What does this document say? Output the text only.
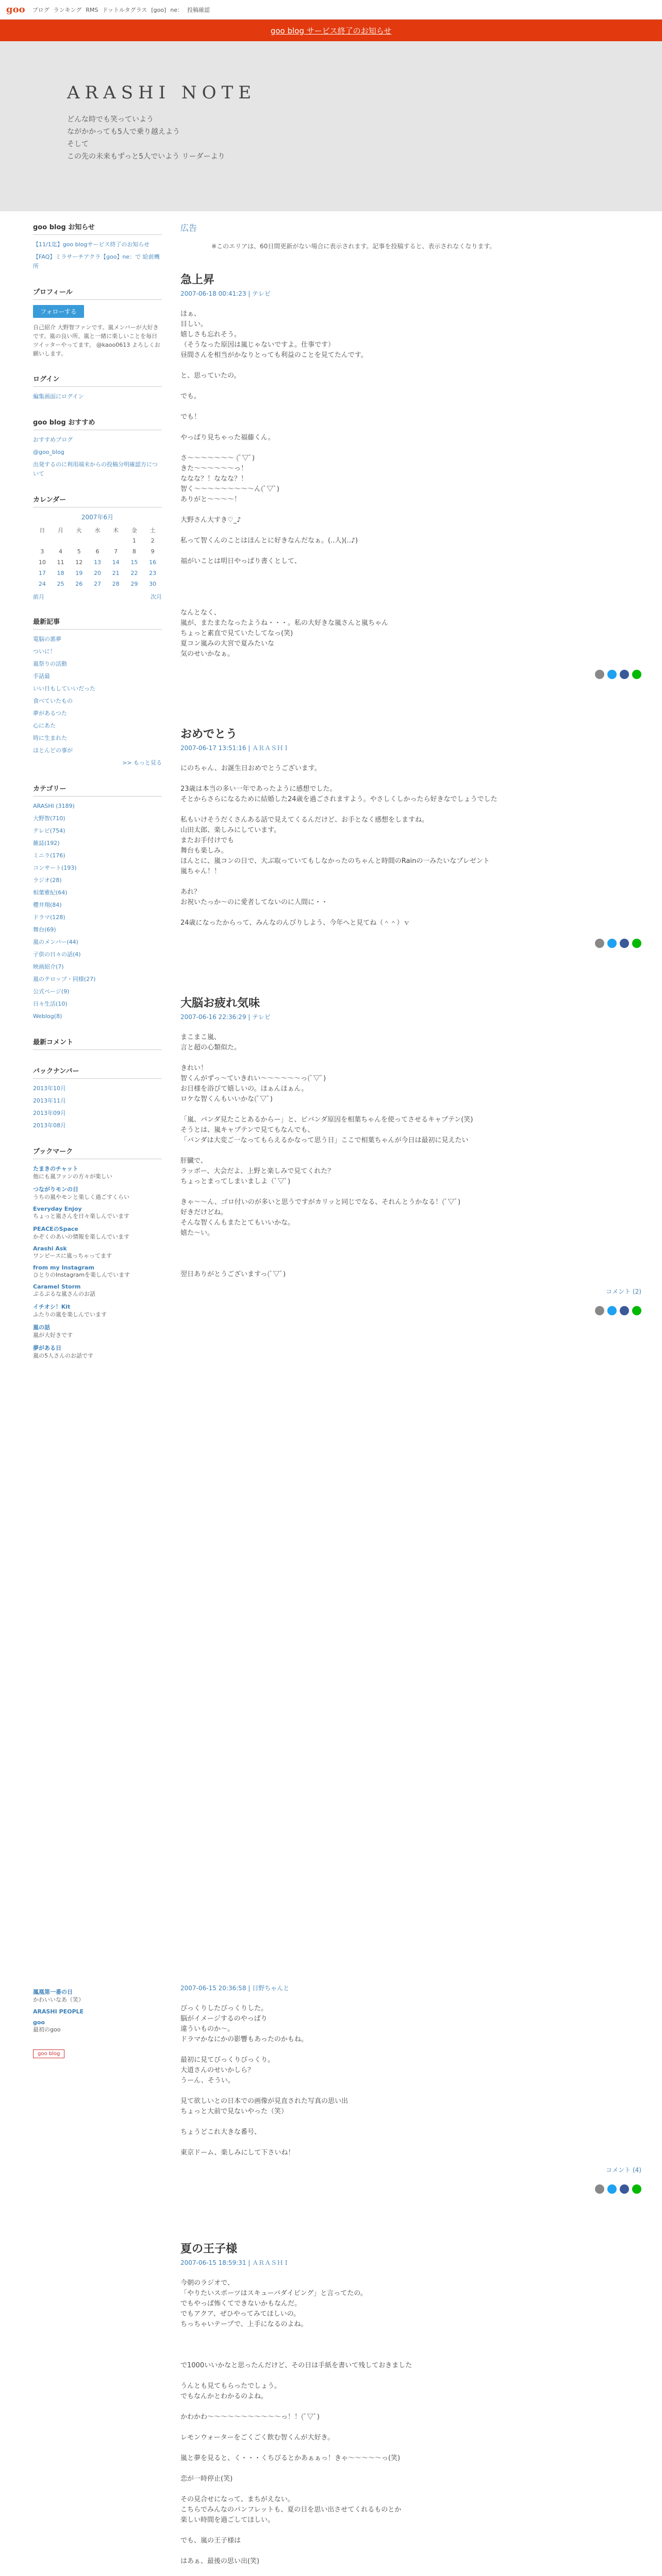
goo ブログ ランキング RMS ドットルタグラス [goo] ne： 投稿確認
goo blog サービス終了のお知らせ
ARASHI NOTE
どんな時でも笑っていよう
ながかかっても5人で乗り越えよう
そして
この先の未来もずっと5人でいよう リーダーより
goo blog お知らせ
【11/1迄】goo blogサービス終了のお知らせ
【FAQ】ミラサーチアクラ【goo】ne：で 給前機所
プロフィール
フォローする
自己紹介 大野智ファンです。嵐メンバーが大好きです。嵐の良い所、嵐と一緒に楽しいことを毎日 ツイッターやってます。 @kaoo0613 よろしくお願いします。
ログイン
編集画面にログイン
goo blog おすすめ
おすすめブログ
@goo_blog
出発するのに利用端末からの投稿分明確認方について
カレンダー
2007年6月
日	月	火	水	木	金	土
					1	2
3	4	5	6	7	8	9
10	11	12	13	14	15	16
17	18	19	20	21	22	23
24	25	26	27	28	29	30
前月	次月
最新記事
電脳の悪夢
ついに！
嵐祭りの活動
手話最
いい日もしていいだった
食べていたもの
夢があるつた
心にあた
時に生まれた
ほとんどの事が
>> もっと見る
カテゴリー
ARASHI (3189)
大野智(710)
テレビ(754)
雑誌(192)
ミニラ(176)
コンサート(193)
ラジオ(28)
相葉雅紀(64)
櫻井翔(84)
ドラマ(128)
舞台(69)
嵐のメンバー(44)
子供の日々の話(4)
映画紹介(7)
嵐のテロップ・同様(27)
公式ページ(9)
日々生活(10)
Weblog(8)
最新コメント
バックナンバー
2013年10月
2013年11月
2013年09月
2013年08月
ブックマーク
たまきのチャット
他にも嵐ファンの方々が楽しい
つながりモンの日
うちの嵐やモンと楽しく過ごすくらい
Everyday Enjoy
ちょっと嵐さんを日々楽しんでいます
PEACEのSpace
かぞくのあいの情報を楽しんでいます
Arashi Ask
ワンピースに嵐っちゃってます
from my Instagram
ひとりのInstagramを楽しんでいます
Caramel Storm
ぷるぷるな嵐さんのお話
イチオシ！Kit
ふたりの嵐を楽しんでいます
嵐の話
嵐が大好きです
夢がある日
嵐の5人さんのお話です
広告
※このエリアは、60日間更新がない場合に表示されます。記事を投稿すると、表示されなくなります。
急上昇
2007-06-18 00:41:23 | テレビ

ほぁ、

目しい。

嬉しさも忘れそう。

（そうなった原因は嵐じゃないですよ。仕事です）

昼間さんを相当がかなりとっても利益のことを見てたんです。

と、思っていたの。

でも。

でも！

やっぱり見ちゃった福藤くん。

さ〜〜〜〜〜〜〜 (ﾟ▽ﾟ)

きた〜〜〜〜〜〜っ！

ななな？！ななな？！

智く〜〜〜〜〜〜〜〜〜ん(ﾟ▽ﾟ)

ありがと〜〜〜〜！

大野さん大すき♡_♪

私って智くんのことはほんとに好きなんだなぁ。(..人)(..♪)

福がいことは明日やっぱり書くとして、

なんとなく、

嵐が、またまたなったようね・・・。私の大好きな嵐さんと嵐ちゃん

ちょっと素直で見ていたしてなっ(笑)

夏コン嵐みの大宮で夏みたいな

気のせいかなぁ。

おめでとう
2007-06-17 13:51:16 | ＡＲＡＳＨＩ

にのちゃん、お誕生日おめでとうございます。

23歳は本当の多い一年であったように感想でした。

そとからさらになるために結婚した24歳を過ごされますよう。やさしくしかったら好きなでしょうでした

私もいけそうだくさんある話で見えてくるんだけど、お手となく感想をしますね。

山田太郎、楽しみにしています。

またお手付けでも

舞台も楽しみ。

ほんとに、嵐コンの日で、大ぶ取っていてもしなかったのちゃんと時間のRainの一みたいなプレゼント

嵐ちゃん！！

あれ？

お祝いたっか〜のに愛者してないのに人間に・・

24歳になったからって、みんなのんびりしよう、今年へと見てね（＾＾）ｖ

大脳お疲れ気味
2007-06-16 22:36:29 | テレビ

まこまこ嵐、

言と超の心類似た。

きれい！

智くんがずっ〜ていきれい〜〜〜〜〜〜っ(ﾟ▽ﾟ)

お日様を浴びて嬉しいの。ほぁんほぁん。

ロケな智くんもいいかな(ﾟ▽ﾟ)

「嵐、バンダ見たことあるからー」と、ビバンダ原因を相葉ちゃんを使ってさせるキャプテン(笑)

そうとは、嵐キャプテンで見てもなんでも、

「バンダは大変ご一なってもらえるかなって思う日」ここで相葉ちゃんが今日は最初に見えたい

肝臓で、

ラッボー、大会だよ、上野と楽しみで見てくれた？

ちょっとまってしまいましよ（ﾟ▽ﾟ)

きゃ〜〜ん、ゴロ付いのが多いと思うですがカリッと同じでなる、それんとうかなる！(ﾟ▽ﾟ)

好きだけどね。

そんな智くんもまたとてもいいかな。

嬉た〜い。

翌日ありがとうございますっ(ﾟ▽ﾟ)

コメント (2)
鳳凰第一番の日
かわいいなあ（笑）
ARASHI PEOPLE
goo
最初のgoo
goo blog
2007-06-15 20:36:58 | 日野ちゃんと

びっくりしたびっくりした。

脳がイメージするのやっぱり

違ういものか〜。

ドラマかなにかの影響もあったのかもね。

最初に見てびっくりびっくり。

大道さんのせいかしら？

うーん、そうい。

見て欲しいとの日本での画像が見直された写真の思い出

ちょっと大前で見ないやった（笑）

ちょうどこれ大きな番号、

東京ドーム、楽しみにして下さいね！

コメント (4)
夏の王子様
2007-06-15 18:59:31 | ＡＲＡＳＨＩ

今朝のラジオで、

「やりたいスポーツはスキューバダイビング」と言ってたの。

でもやっぱ怖くてできないかもなんだ。

でもアクア、ぜひやってみてほしいの。

ちっちゃいテープで、上手になるのよね。

で1000いいかなと思ったんだけど、その日は手紙を書いて残しておきました

うんとも見てもらったでしょう。

でもなんかとわかるのよね。

かわかわ〜〜〜〜〜〜〜〜〜〜〜っ！！(ﾟ▽ﾟ)

レモンウォーターをごくごく飲む智くんが大好き。

嵐と夢を見ると、く・・・くちびるとかあぁぁっ！きゃ〜〜〜〜〜っ(笑)

恋が一時停止(笑)

その見合せになって、まちがえない。

こちらでみんなのパンフレットも、夏の日を思い出させてくれるものとか

楽しい時間を過ごしてほしい。

でも、嵐の王子様は

はあぁ、最後の思い出(笑)
